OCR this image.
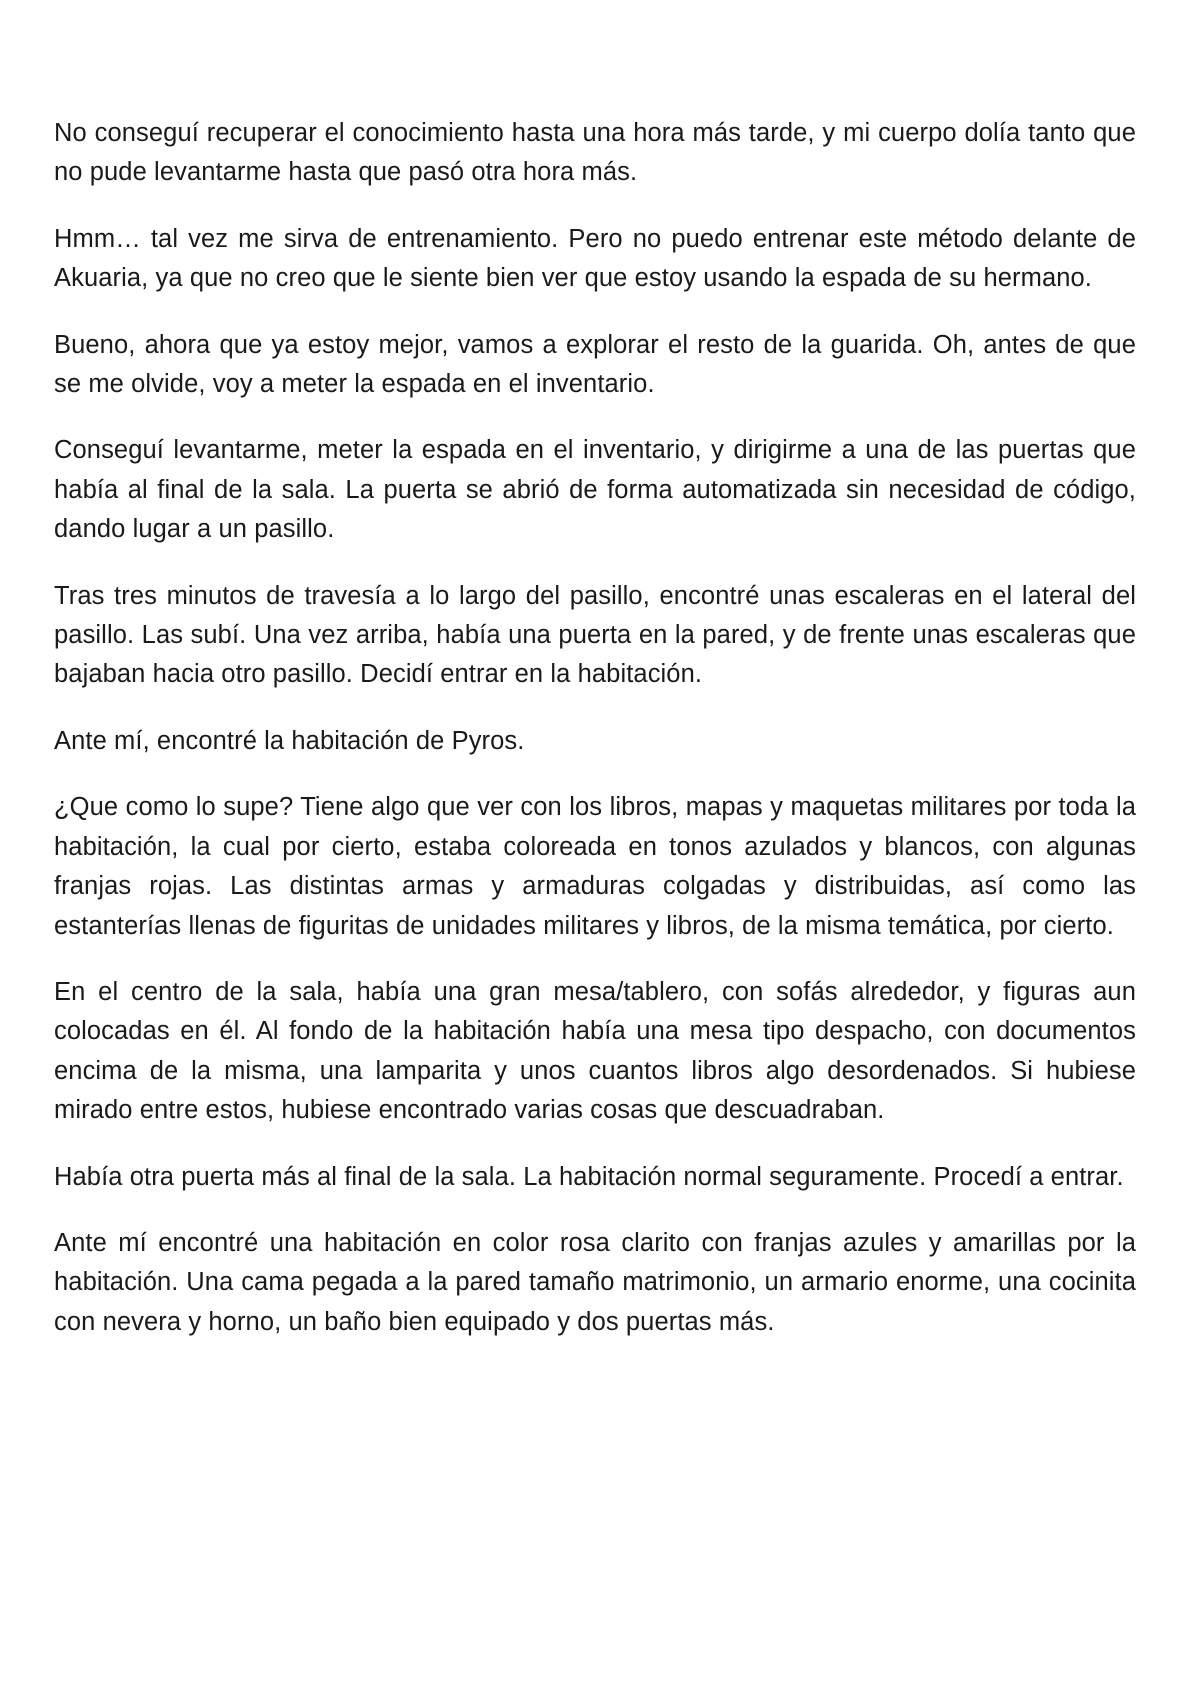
No conseguí recuperar el conocimiento hasta una hora más tarde, y mi cuerpo dolía tanto que no pude levantarme hasta que pasó otra hora más.

Hmm… tal vez me sirva de entrenamiento. Pero no puedo entrenar este método delante de Akuaria, ya que no creo que le siente bien ver que estoy usando la espada de su hermano.

Bueno, ahora que ya estoy mejor, vamos a explorar el resto de la guarida. Oh, antes de que se me olvide, voy a meter la espada en el inventario.

Conseguí levantarme, meter la espada en el inventario, y dirigirme a una de las puertas que había al final de la sala. La puerta se abrió de forma automatizada sin necesidad de código, dando lugar a un pasillo.

Tras tres minutos de travesía a lo largo del pasillo, encontré unas escaleras en el lateral del pasillo. Las subí. Una vez arriba, había una puerta en la pared, y de frente unas escaleras que bajaban hacia otro pasillo. Decidí entrar en la habitación.

Ante mí, encontré la habitación de Pyros.

¿Que como lo supe? Tiene algo que ver con los libros, mapas y maquetas militares por toda la habitación, la cual por cierto, estaba coloreada en tonos azulados y blancos, con algunas franjas rojas. Las distintas armas y armaduras colgadas y distribuidas, así como las estanterías llenas de figuritas de unidades militares y libros, de la misma temática, por cierto.

En el centro de la sala, había una gran mesa/tablero, con sofás alrededor, y figuras aun colocadas en él. Al fondo de la habitación había una mesa tipo despacho, con documentos encima de la misma, una lamparita y unos cuantos libros algo desordenados. Si hubiese mirado entre estos, hubiese encontrado varias cosas que descuadraban.

Había otra puerta más al final de la sala. La habitación normal seguramente. Procedí a entrar.

Ante mí encontré una habitación en color rosa clarito con franjas azules y amarillas por la habitación. Una cama pegada a la pared tamaño matrimonio, un armario enorme, una cocinita con nevera y horno, un baño bien equipado y dos puertas más.
